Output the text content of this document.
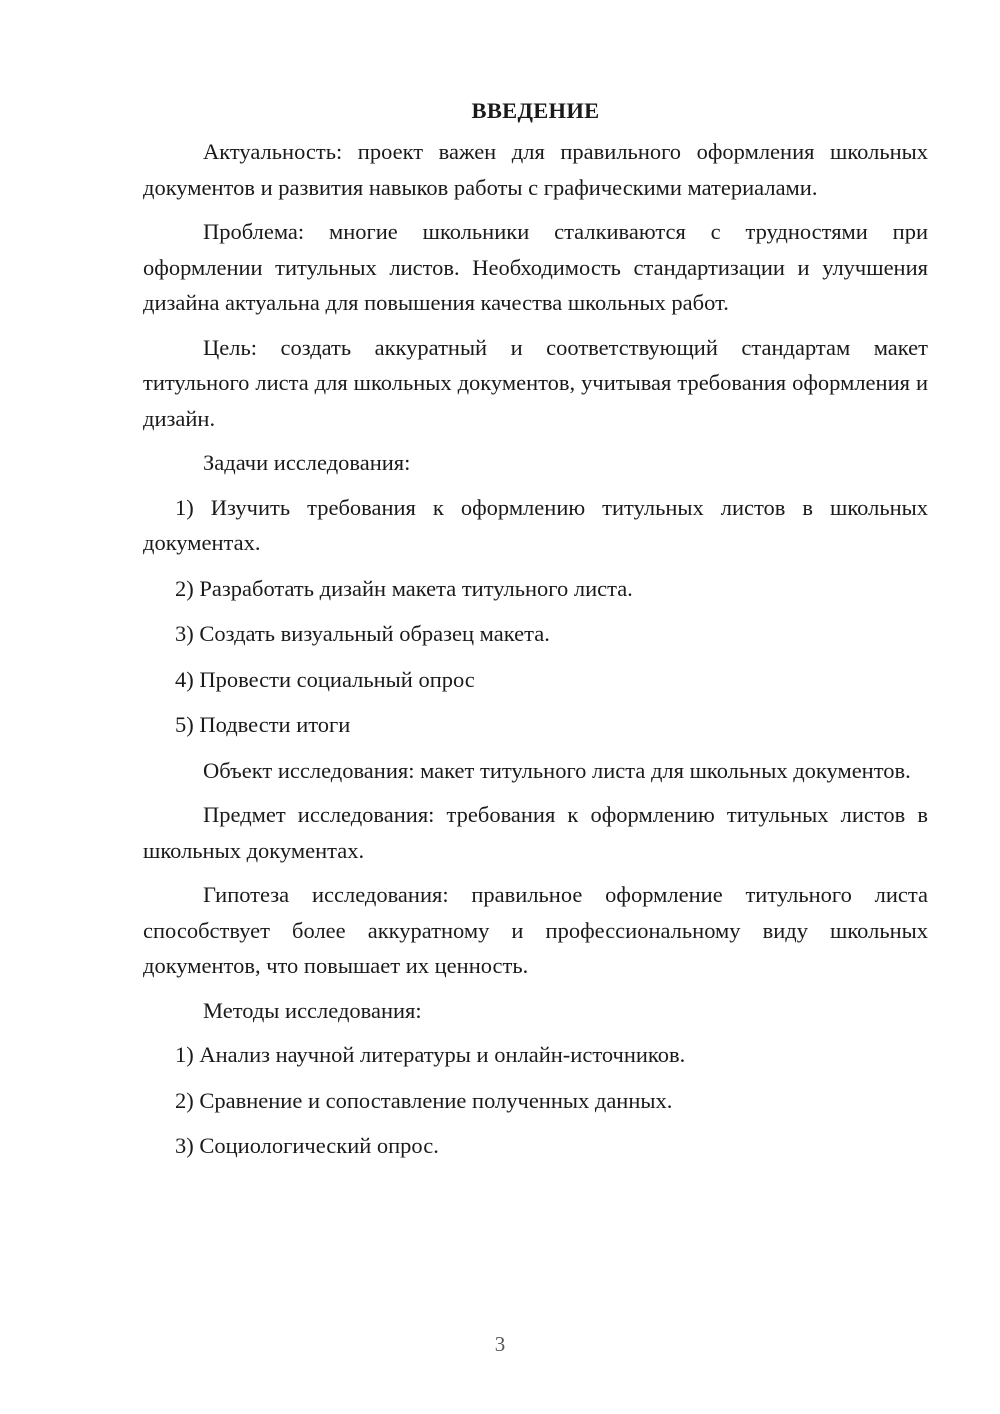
ВВЕДЕНИЕ

Актуальность: проект важен для правильного оформления школьных документов и развития навыков работы с графическими материалами.

Проблема: многие школьники сталкиваются с трудностями при оформлении титульных листов. Необходимость стандартизации и улучшения дизайна актуальна для повышения качества школьных работ.

Цель: создать аккуратный и соответствующий стандартам макет титульного листа для школьных документов, учитывая требования оформления и дизайн.

Задачи исследования:

1) Изучить требования к оформлению титульных листов в школьных документах.

2) Разработать дизайн макета титульного листа.

3) Создать визуальный образец макета.

4) Провести социальный опрос

5) Подвести итоги

Объект исследования: макет титульного листа для школьных документов.

Предмет исследования: требования к оформлению титульных листов в школьных документах.

Гипотеза исследования: правильное оформление титульного листа способствует более аккуратному и профессиональному виду школьных документов, что повышает их ценность.

Методы исследования:

1) Анализ научной литературы и онлайн-источников.

2) Сравнение и сопоставление полученных данных.

3) Социологический опрос.

3
